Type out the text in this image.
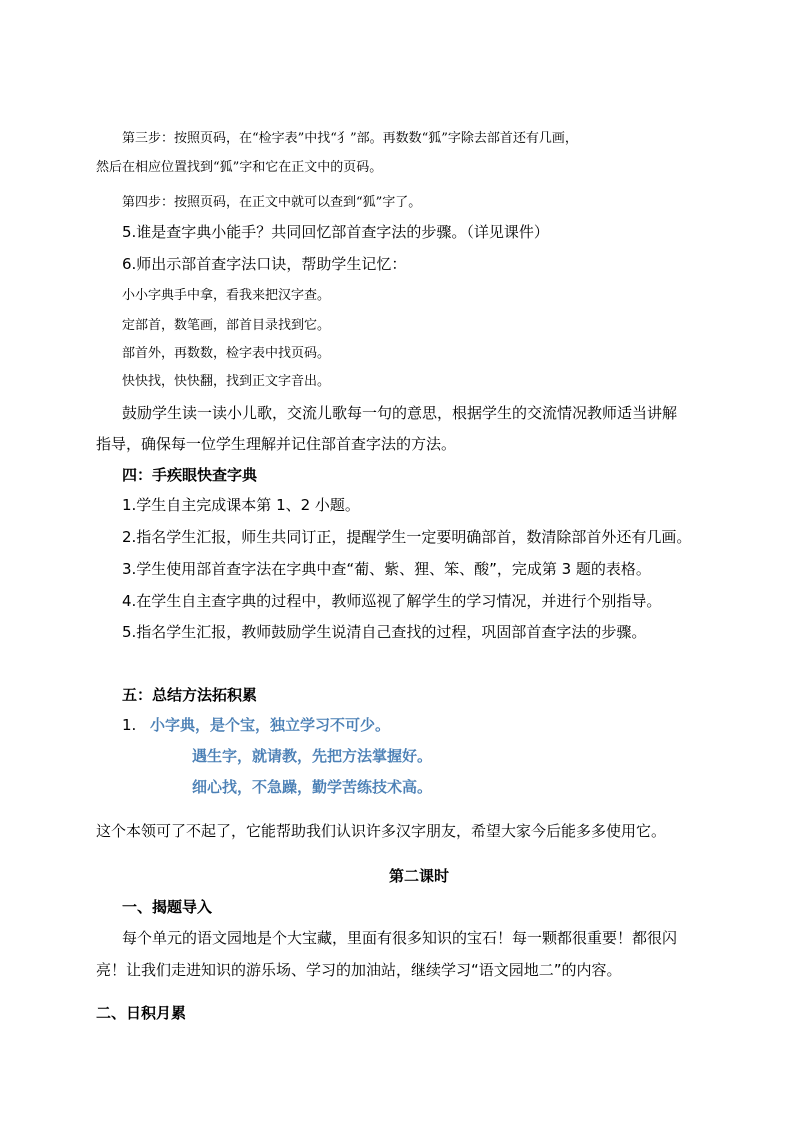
第三步：按照页码，在“检字表”中找“犭”部。再数数“狐”字除去部首还有几画，
然后在相应位置找到“狐”字和它在正文中的页码。
第四步：按照页码，在正文中就可以查到“狐”字了。
5.谁是查字典小能手？共同回忆部首查字法的步骤。（详见课件）
6.师出示部首查字法口诀，帮助学生记忆：
小小字典手中拿，看我来把汉字查。
定部首，数笔画，部首目录找到它。
部首外，再数数，检字表中找页码。
快快找，快快翻，找到正文字音出。
鼓励学生读一读小儿歌，交流儿歌每一句的意思，根据学生的交流情况教师适当讲解
指导，确保每一位学生理解并记住部首查字法的方法。
四：手疾眼快查字典
1.学生自主完成课本第 1、2 小题。
2.指名学生汇报，师生共同订正，提醒学生一定要明确部首，数清除部首外还有几画。
3.学生使用部首查字法在字典中查“葡、紫、狸、笨、酸”，完成第 3 题的表格。
4.在学生自主查字典的过程中，教师巡视了解学生的学习情况，并进行个别指导。
5.指名学生汇报，教师鼓励学生说清自己查找的过程，巩固部首查字法的步骤。
五：总结方法拓积累
1. 小字典，是个宝，独立学习不可少。
遇生字，就请教，先把方法掌握好。
细心找，不急躁，勤学苦练技术高。
这个本领可了不起了，它能帮助我们认识许多汉字朋友，希望大家今后能多多使用它。
第二课时
一、揭题导入
每个单元的语文园地是个大宝藏，里面有很多知识的宝石！每一颗都很重要！都很闪
亮！让我们走进知识的游乐场、学习的加油站，继续学习“语文园地二”的内容。
二、日积月累
